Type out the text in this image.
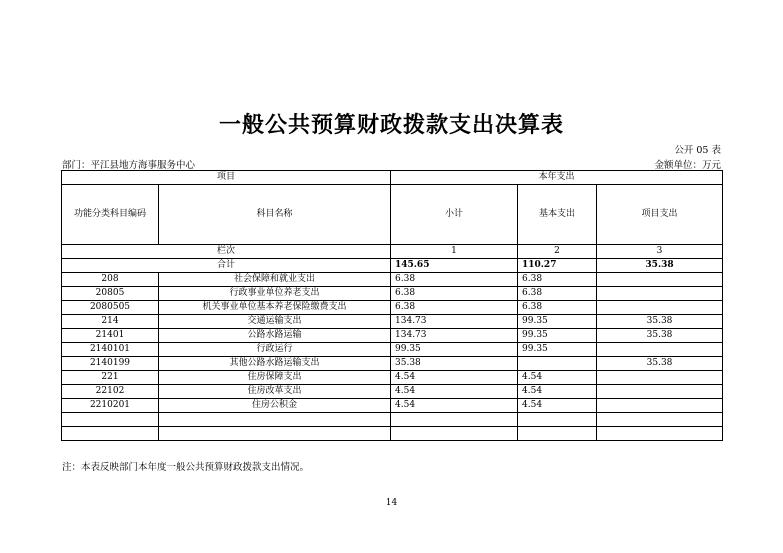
一般公共预算财政拨款支出决算表
公开 05 表
部门：平江县地方海事服务中心	金额单位：万元
项目		本年支出		
功能分类科目编码	科目名称	小计	基本支出	项目支出
栏次		1	2	3
合计		145.65	110.27	35.38
208	社会保障和就业支出	6.38	6.38	
20805	行政事业单位养老支出	6.38	6.38	
2080505	机关事业单位基本养老保险缴费支出	6.38	6.38	
214	交通运输支出	134.73	99.35	35.38
21401	公路水路运输	134.73	99.35	35.38
2140101	行政运行	99.35	99.35	
2140199	其他公路水路运输支出	35.38		35.38
221	住房保障支出	4.54	4.54	
22102	住房改革支出	4.54	4.54	
2210201	住房公积金	4.54	4.54	

注：本表反映部门本年度一般公共预算财政拨款支出情况。
14
